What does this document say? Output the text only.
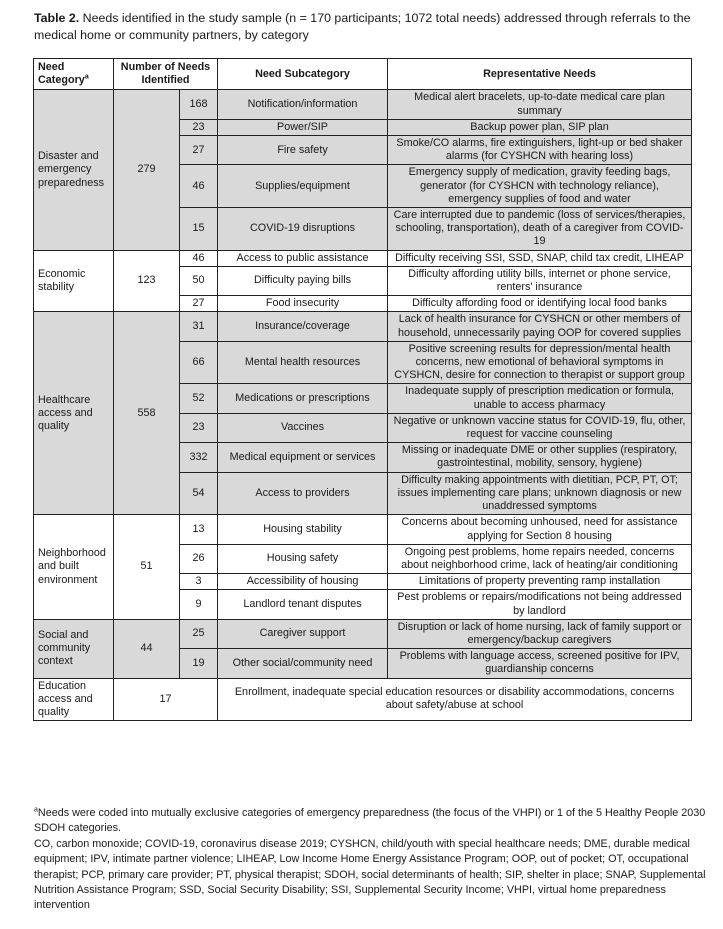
Table 2. Needs identified in the study sample (n = 170 participants; 1072 total needs) addressed through referrals to the medical home or community partners, by category
Need Category$^a$	Number of Needs Identified		Need Subcategory	Representative Needs
Disaster and emergency preparedness	279	168	Notification/information	Medical alert bracelets, up-to-date medical care plan summary
		23	Power/SIP	Backup power plan, SIP plan
		27	Fire safety	Smoke/CO alarms, fire extinguishers, light-up or bed shaker alarms (for CYSHCN with hearing loss)
		46	Supplies/equipment	Emergency supply of medication, gravity feeding bags, generator (for CYSHCN with technology reliance), emergency supplies of food and water
		15	COVID-19 disruptions	Care interrupted due to pandemic (loss of services/therapies, schooling, transportation), death of a caregiver from COVID-19
Economic stability	123	46	Access to public assistance	Difficulty receiving SSI, SSD, SNAP, child tax credit, LIHEAP
		50	Difficulty paying bills	Difficulty affording utility bills, internet or phone service, renters' insurance
		27	Food insecurity	Difficulty affording food or identifying local food banks
Healthcare access and quality	558	31	Insurance/coverage	Lack of health insurance for CYSHCN or other members of household, unnecessarily paying OOP for covered supplies
		66	Mental health resources	Positive screening results for depression/mental health concerns, new emotional of behavioral symptoms in CYSHCN, desire for connection to therapist or support group
		52	Medications or prescriptions	Inadequate supply of prescription medication or formula, unable to access pharmacy
		23	Vaccines	Negative or unknown vaccine status for COVID-19, flu, other, request for vaccine counseling
		332	Medical equipment or services	Missing or inadequate DME or other supplies (respiratory, gastrointestinal, mobility, sensory, hygiene)
		54	Access to providers	Difficulty making appointments with dietitian, PCP, PT, OT; issues implementing care plans; unknown diagnosis or new unaddressed symptoms
Neighborhood and built environment	51	13	Housing stability	Concerns about becoming unhoused, need for assistance applying for Section 8 housing
		26	Housing safety	Ongoing pest problems, home repairs needed, concerns about neighborhood crime, lack of heating/air conditioning
		3	Accessibility of housing	Limitations of property preventing ramp installation
		9	Landlord tenant disputes	Pest problems or repairs/modifications not being addressed by landlord
Social and community context	44	25	Caregiver support	Disruption or lack of home nursing, lack of family support or emergency/backup caregivers
		19	Other social/community need	Problems with language access, screened positive for IPV, guardianship concerns
Education access and quality	17		Enrollment, inadequate special education resources or disability accommodations, concerns about safety/abuse at school	

$^a$Needs were coded into mutually exclusive categories of emergency preparedness (the focus of the VHPI) or 1 of the 5 Healthy People 2030 SDOH categories.

CO, carbon monoxide; COVID-19, coronavirus disease 2019; CYSHCN, child/youth with special healthcare needs; DME, durable medical equipment; IPV, intimate partner violence; LIHEAP, Low Income Home Energy Assistance Program; OOP, out of pocket; OT, occupational therapist; PCP, primary care provider; PT, physical therapist; SDOH, social determinants of health; SIP, shelter in place; SNAP, Supplemental Nutrition Assistance Program; SSD, Social Security Disability; SSI, Supplemental Security Income; VHPI, virtual home preparedness intervention
